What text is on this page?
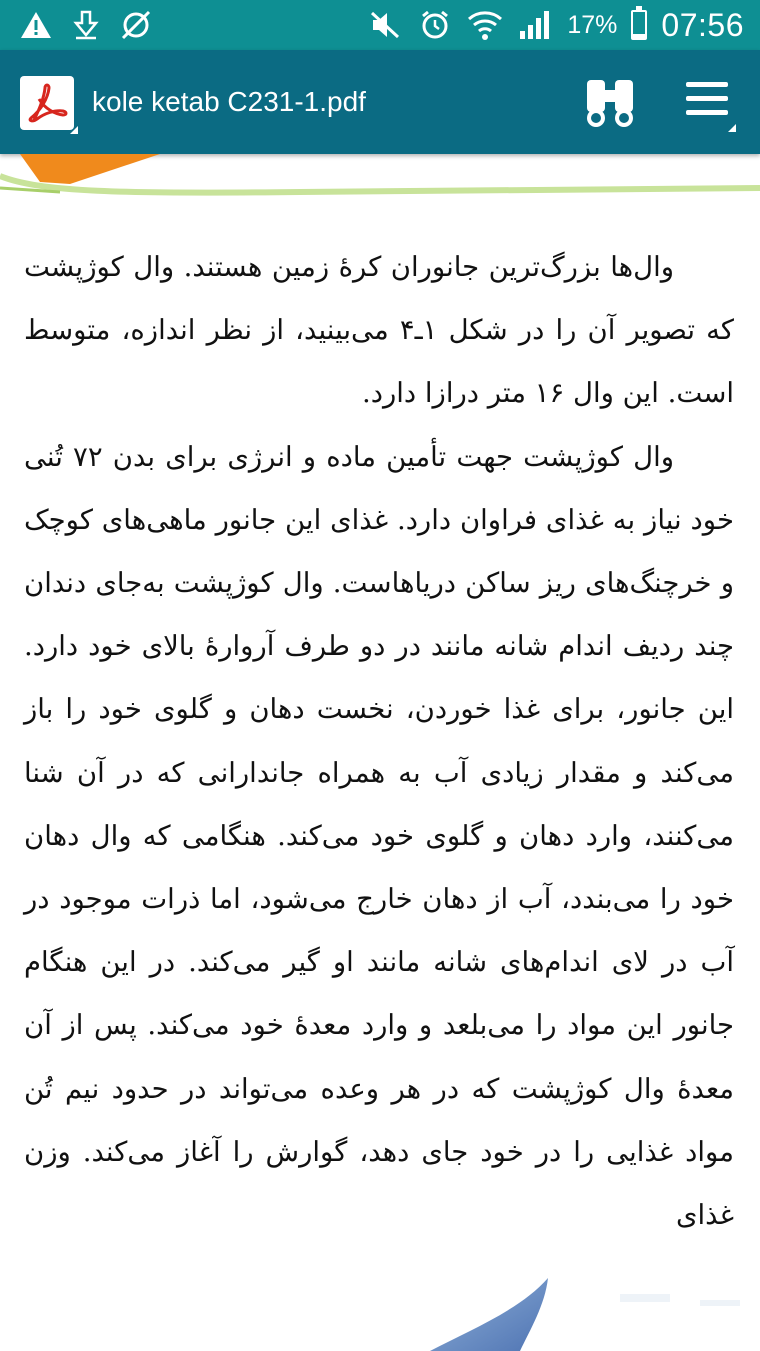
17% 07:56
kole ketab C231-1.pdf

وال‌ها بزرگ‌ترین جانوران کرهٔ زمین هستند. وال کوژپشت که تصویر آن را در شکل ۱ـ۴ می‌بینید، از نظر اندازه، متوسط است. این وال ۱۶ متر درازا دارد.

وال کوژپشت جهت تأمین ماده و انرژی برای بدن ۷۲ تُنی خود نیاز به غذای فراوان دارد. غذای این جانور ماهی‌های کوچک و خرچنگ‌های ریز ساکن دریاهاست. وال کوژپشت به‌جای دندان چند ردیف اندام شانه مانند در دو طرف آروارهٔ بالای خود دارد. این جانور، برای غذا خوردن، نخست دهان و گلوی خود را باز می‌کند و مقدار زیادی آب به همراه جاندارانی که در آن شنا می‌کنند، وارد دهان و گلوی خود می‌کند. هنگامی که وال دهان خود را می‌بندد، آب از دهان خارج می‌شود، اما ذرات موجود در آب در لای اندام‌های شانه مانند او گیر می‌کند. در این هنگام جانور این مواد را می‌بلعد و وارد معدهٔ خود می‌کند. پس از آن معدهٔ وال کوژپشت که در هر وعده می‌تواند در حدود نیم تُن مواد غذایی را در خود جای دهد، گوارش را آغاز می‌کند. وزن غذای
